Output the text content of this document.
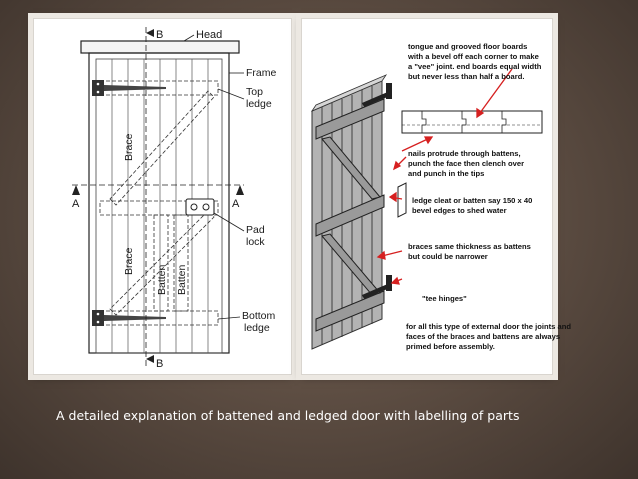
B	Head
Frame
Top
ledge
Brace
A	A
Pad
lock
Brace
Batten Batten
Bottom
ledge
B
tongue and grooved floor boards
with a bevel off each corner to make
a "vee" joint. end boards equal width
but never less than half a board.
nails protrude through battens,
punch the face then clench over
and punch in the tips
ledge cleat or batten say 150 x 40
bevel edges to shed water
braces same thickness as battens
but could be narrower
"tee hinges"
for all this type of external door the joints and
faces of the braces and battens are always
primed before assembly.
A detailed explanation of battened and ledged door with labelling of parts
